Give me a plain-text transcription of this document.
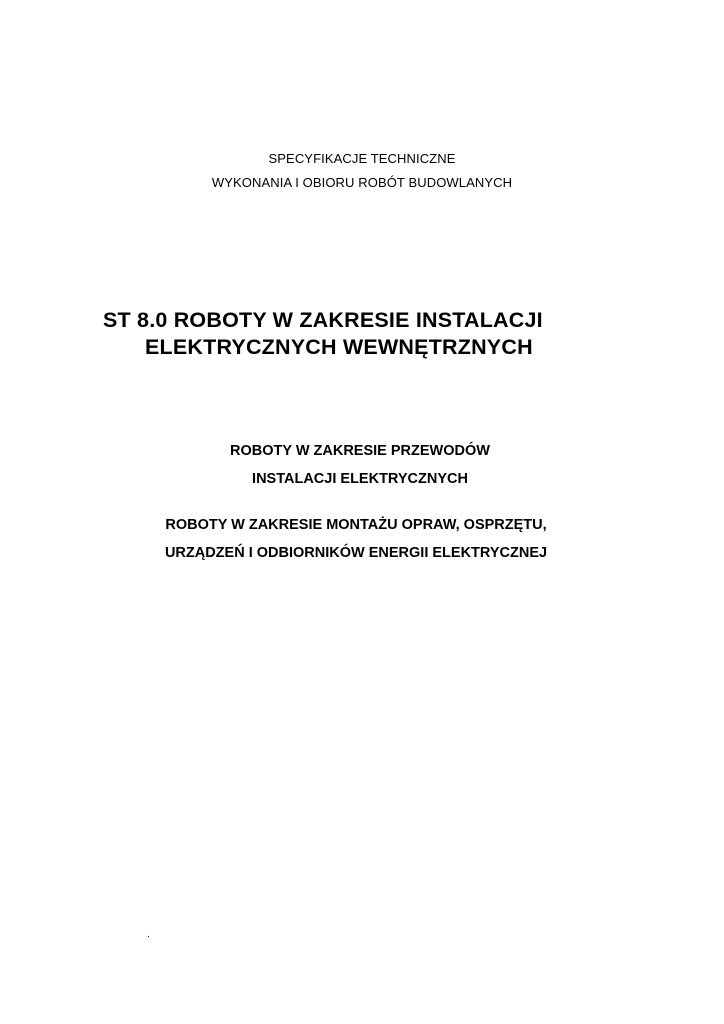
SPECYFIKACJE TECHNICZNE
WYKONANIA I OBIORU ROBÓT BUDOWLANYCH
ST 8.0 ROBOTY W ZAKRESIE INSTALACJI
ELEKTRYCZNYCH WEWNĘTRZNYCH
ROBOTY W ZAKRESIE PRZEWODÓW
INSTALACJI ELEKTRYCZNYCH
ROBOTY W ZAKRESIE MONTAŻU OPRAW, OSPRZĘTU,
URZĄDZEŃ I ODBIORNIKÓW ENERGII ELEKTRYCZNEJ
.
